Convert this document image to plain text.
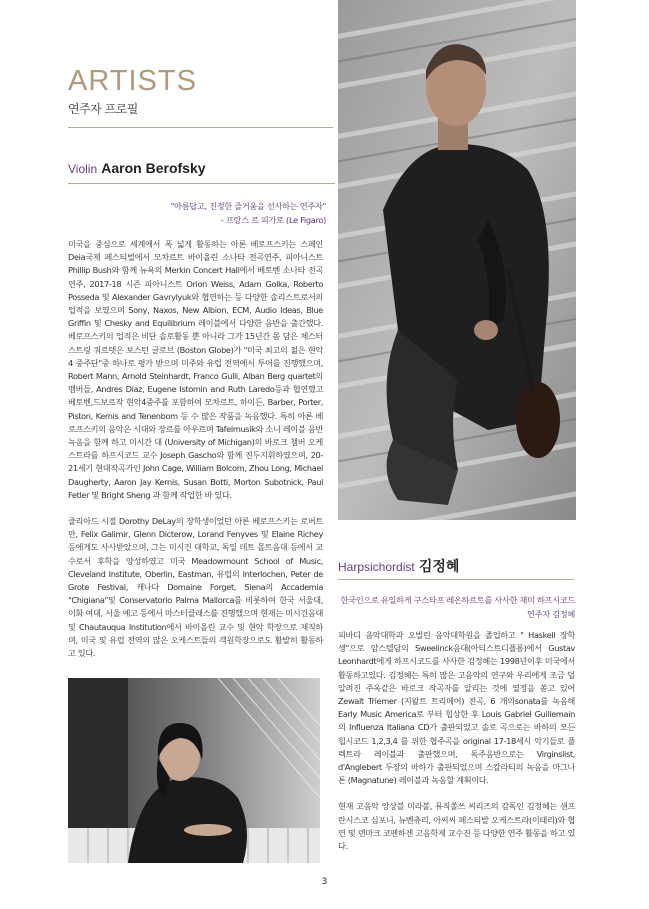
ARTISTS
연주자 프로필
Violin Aaron Berofsky
"아름답고, 진정한 즐거움을 선사하는 연주자"
- 프랑스 르 피가로 (Le Figaro)

미국을 중심으로 세계에서 폭 넓게 활동하는 아론 베로프스키는 스페인 Deia국제 페스티벌에서 모차르트 바이올린 소나타 전곡연주, 피아니스트 Phillip Bush와 함께 뉴욕의 Merkin Concert Hall에서 베토벤 소나타 전곡연주, 2017-18 시즌 피아니스트 Orion Weiss, Adam Golka, Roberto Posseda 및 Alexander Gavrylyuk와 협연하는 등 다양한 솔리스트로서의 업적을 보였으며 Sony, Naxos, New Albion, ECM, Audio Ideas, Blue Griffin 및 Chesky and Equilibrium 레이블에서 다양한 음반을 출간했다. 베로프스키의 업적은 비단 솔로활동 뿐 아니라 그가 15년간 몸 담은 체스터 스트링 쿼르텟은 보스턴 글로브 (Boston Globe)가 "미국 최고의 젊은 현악 4 중주단"중 하나로 평가 받으며 미주와 유럽 전역에서 투어를 진행했으며, Robert Mann, Arnold Steinhardt, Franco Gulli, Alban Berg quartet의 멤버들, Andres Diaz, Eugene Istomin and Ruth Laredo등과 협연했고 베토벤,드보르작 현악4중주를 포함하여 모차르트, 하이든, Barber, Porter, Piston, Kernis and Tenenbom 등 수 많은 작품을 녹음했다. 특히 아론 베로프스키의 음악은 시대와 장르를 아우르며 Tafelmusik와 소니 레이블 음반녹음을 함께 하고 미시간 대 (University of Michigan)의 바로크 챔버 오케스트라를 하프시코드 교수 Joseph Gascho와 함께 진두지휘하였으며, 20-21세기 현대작곡가인 John Cage, William Bolcom, Zhou Long, Michael Daugherty, Aaron Jay Kernis, Susan Botti, Morton Subotnick, Paul Fetler 및 Bright Sheng 과 함께 작업한 바 있다.

줄리아드 시절 Dorothy DeLay의 장학생이었던 아론 베로프스키는 로버트 만, Felix Galimir, Glenn Dicterow, Lorand Fenyves 및 Elaine Richey 등에게도 사사받았으며, 그는 미시건 대학교, 독일 데트 몰트음대 등에서 교수로서 후학을 양성하였고 미국 Meadowmount School of Music, Cleveland Institute, Oberlin, Eastman, 유럽의 Interlochen, Peter de Grote Festival, 캐나다 Domaine Forget, Siena의 Accademia "Chigiana"및 Conservatorio Palma Mallorca를 비롯하여 한국 서울대, 이화 여대, 서울 예고 등에서 마스터클래스를 진행했으며 현재는 미시건음대 및 Chautauqua Institution에서 바이올린 교수 및 현악 학장으로 재직하며, 미국 및 유럽 전역의 많은 오케스트들의 객원학장으로도 활발히 활동하고 있다.

Harpsichordist 김정혜
한국인으로 유일하게 구스타프 레온하르트를 사사한 재미 하프시코드
연주자 김정혜

피바디 음악대학과 오벌린 음악대학원을 졸업하고 " Haskell 장학생"으로 암스텔담의 Sweelinck음대(아티스트디플롬)에서 Gustav Leonhardt에게 하프시코드를 사사한 김정혜는 1998년이후 미국에서 활동하고있다. 김정혜는 특히 많은 고음악의 연구와 우리에게 조금 덜 알려진 주옥같은 바로크 작곡자를 알리는 것에 열정을 쏟고 있어 Zewalt Triemer (지왈트 트리메어) 전곡, 6 개의sonata를 녹음해 Early Music America로 부터 힙상한 후 Louis Gabriel Guillemain의 Influenza Italiana CD가 출판되었고 솔로 곡으로는 바하의 모든 힙시코드 1,2,3,4 를 위한 협주곡을 original 17-18세시 악기들로 플렉트라 레이블과 출판했으며, 독주음반으로는 Virginslist, d'Anglebert 두장의 바하가 출판되었으며 스칼라티의 녹음을 마그나톤 (Magnatune) 레이블과 녹음할 계획이다.

현재 고음악 앙상블 미라볼, 뮤직쏠쓰 씨리즈의 감독인 김정혜는 샌프란시스코 심포니, 뉴벤츄리, 아씨씨 페스티발 오케스트라(이태리)와 협연 및 덴마크 코펜하겐 고음학제 교수진 등 다양한 연주 활동을 하고 있다.

3
